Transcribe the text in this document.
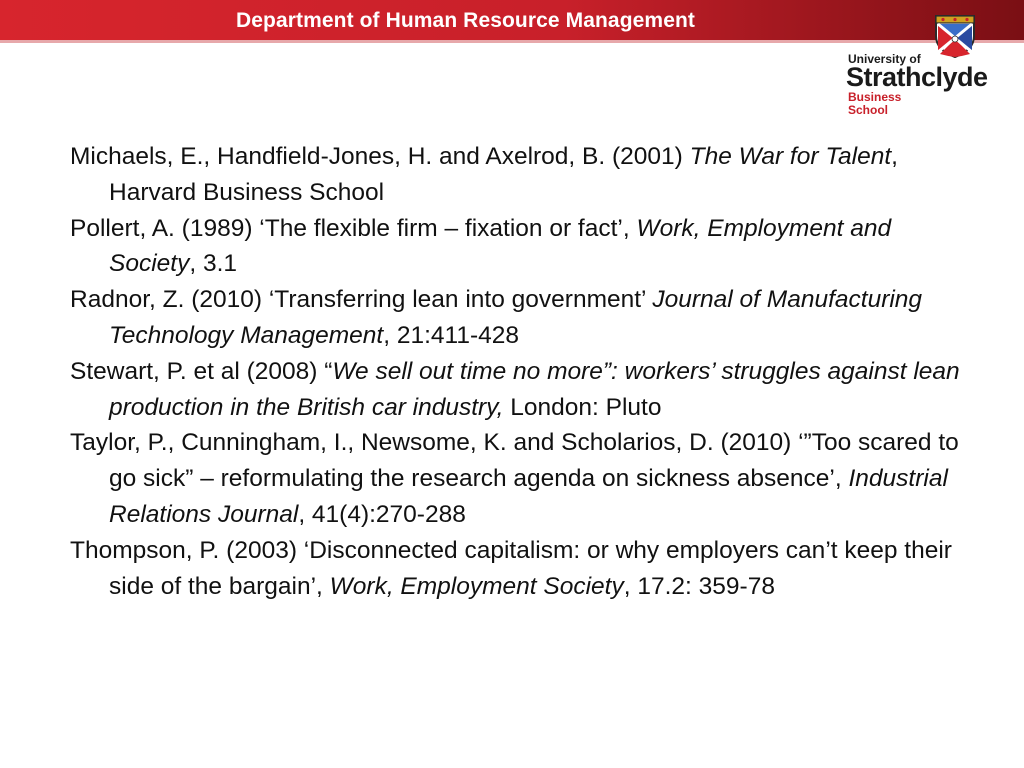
Department of Human Resource Management
University of
Strathclyde
Business
School

Michaels, E., Handfield-Jones, H. and Axelrod, B. (2001) The War for Talent, Harvard Business School

Pollert, A. (1989) ‘The flexible firm – fixation or fact’, Work, Employment and Society, 3.1

Radnor, Z. (2010) ‘Transferring lean into government’ Journal of Manufacturing Technology Management, 21:411-428

Stewart, P. et al (2008) “We sell out time no more”: workers’ struggles against lean production in the British car industry, London: Pluto

Taylor, P., Cunningham, I., Newsome, K. and Scholarios, D. (2010) ‘”Too scared to go sick” – reformulating the research agenda on sickness absence’, Industrial Relations Journal, 41(4):270-288

Thompson, P. (2003) ‘Disconnected capitalism: or why employers can’t keep their side of the bargain’, Work, Employment Society, 17.2: 359-78
